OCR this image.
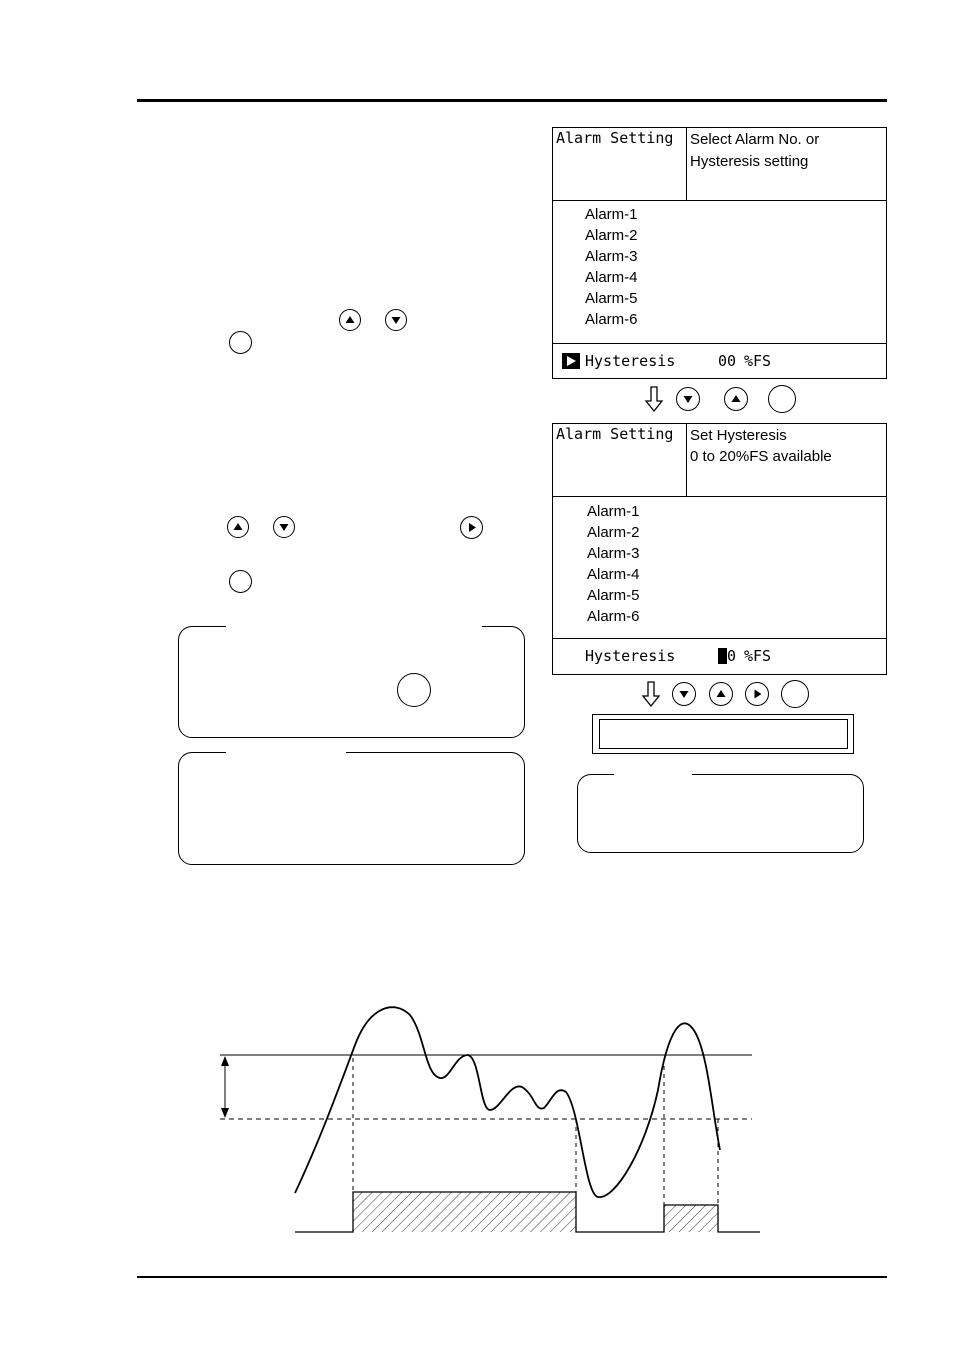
Alarm Setting	Select Alarm No. or
Hysteresis setting
Alarm-1
Alarm-2
Alarm-3
Alarm-4
Alarm-5
Alarm-6
Hysteresis	00 %FS
Alarm Setting	Set Hysteresis
0 to 20%FS available
Alarm-1
Alarm-2
Alarm-3
Alarm-4
Alarm-5
Alarm-6
Hysteresis	0 %FS
